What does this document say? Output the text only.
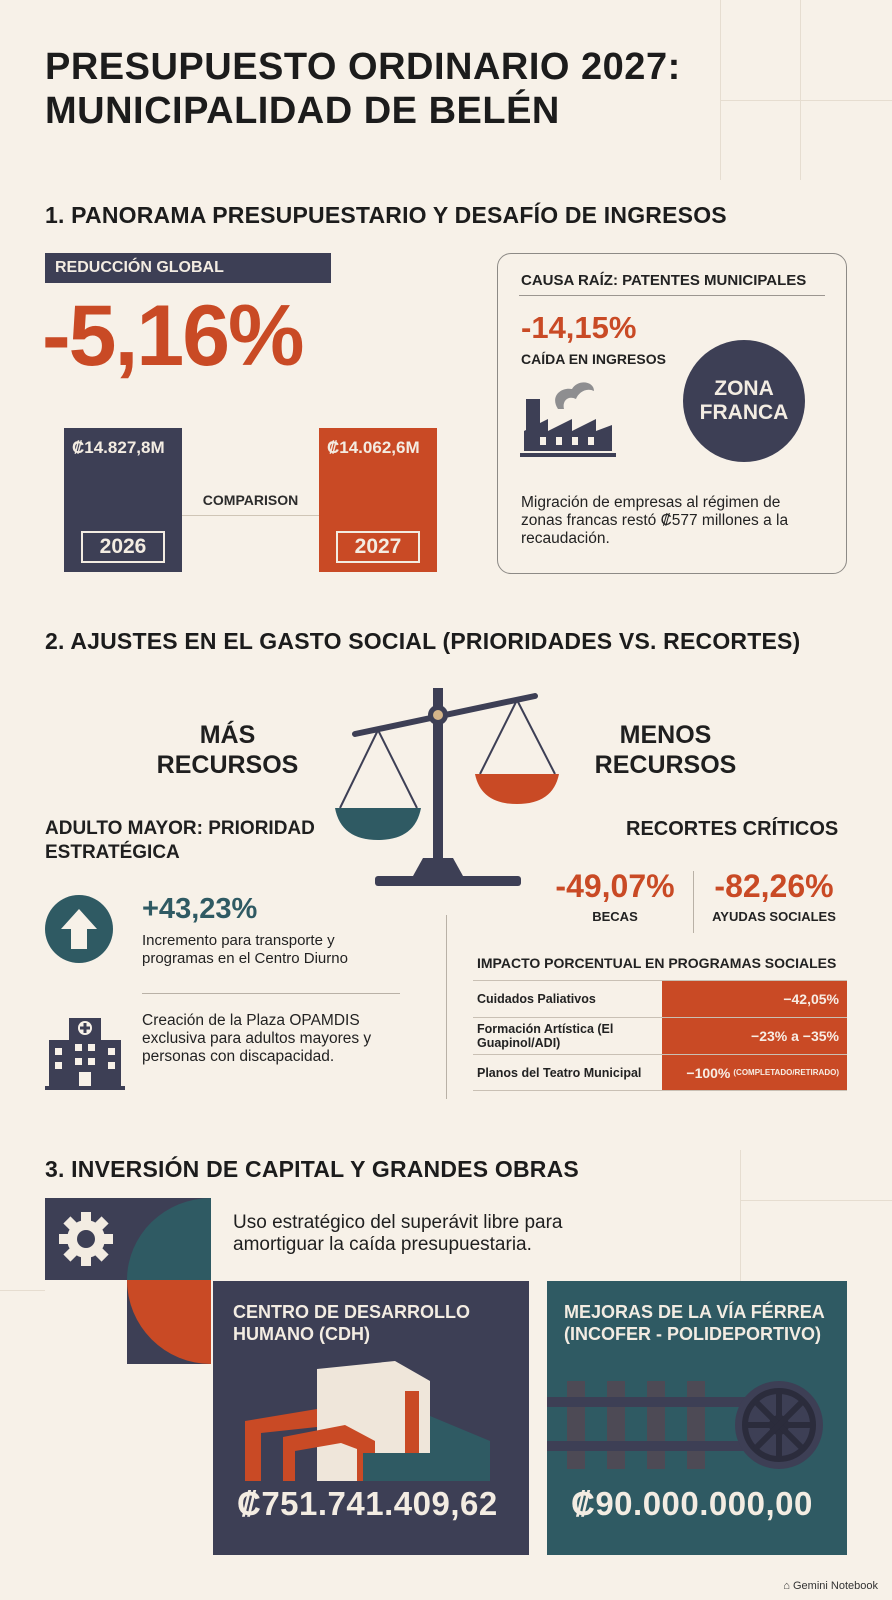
PRESUPUESTO ORDINARIO 2027: MUNICIPALIDAD DE BELÉN
1. PANORAMA PRESUPUESTARIO Y DESAFÍO DE INGRESOS
REDUCCIÓN GLOBAL
-5,16%
₡14.827,8M
2026
COMPARISON
₡14.062,6M
2027
CAUSA RAÍZ: PATENTES MUNICIPALES
-14,15%
CAÍDA EN INGRESOS
ZONA FRANCA
Migración de empresas al régimen de zonas francas restó ₡577 millones a la recaudación.
2. AJUSTES EN EL GASTO SOCIAL (PRIORIDADES VS. RECORTES)
MÁS RECURSOS
MENOS RECURSOS
ADULTO MAYOR: PRIORIDAD ESTRATÉGICA
+43,23%
Incremento para transporte y programas en el Centro Diurno
Creación de la Plaza OPAMDIS exclusiva para adultos mayores y personas con discapacidad.
RECORTES CRÍTICOS
-49,07%
BECAS
-82,26%
AYUDAS SOCIALES
IMPACTO PORCENTUAL EN PROGRAMAS SOCIALES
Cuidados Paliativos	−42,05%
Formación Artística (El Guapinol/ADI)	−23% a −35%
Planos del Teatro Municipal	−100% (COMPLETADO/RETIRADO)
3. INVERSIÓN DE CAPITAL Y GRANDES OBRAS
Uso estratégico del superávit libre para amortiguar la caída presupuestaria.
CENTRO DE DESARROLLO HUMANO (CDH)
₡751.741.409,62
MEJORAS DE LA VÍA FÉRREA (INCOFER - POLIDEPORTIVO)
₡90.000.000,00
⌂ Gemini Notebook
